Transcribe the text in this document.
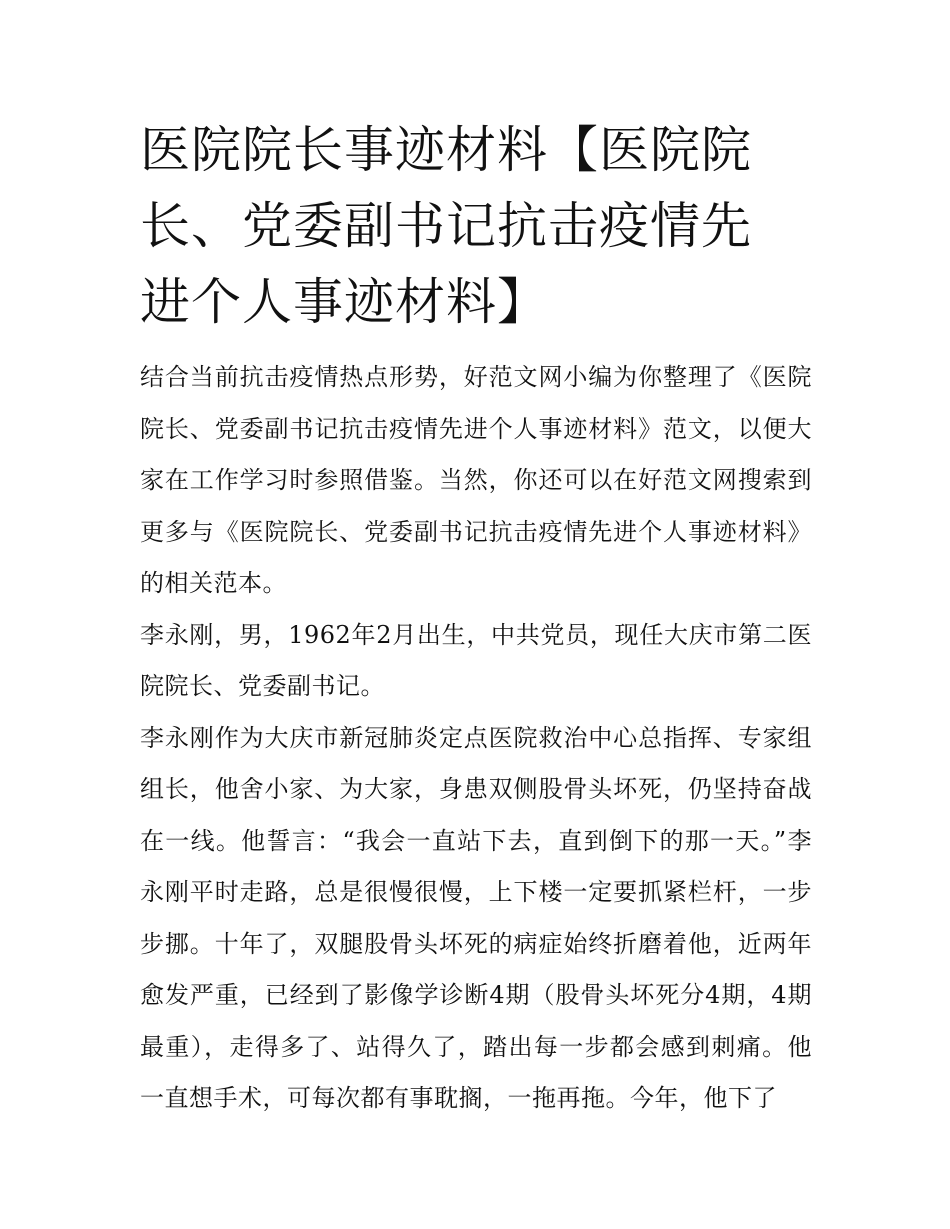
医院院长事迹材料【医院院长、党委副书记抗击疫情先进个人事迹材料】

结合当前抗击疫情热点形势，好范文网小编为你整理了《医院院长、党委副书记抗击疫情先进个人事迹材料》范文，以便大家在工作学习时参照借鉴。当然，你还可以在好范文网搜索到更多与《医院院长、党委副书记抗击疫情先进个人事迹材料》的相关范本。

李永刚，男，1962年2月出生，中共党员，现任大庆市第二医院院长、党委副书记。

李永刚作为大庆市新冠肺炎定点医院救治中心总指挥、专家组组长，他舍小家、为大家，身患双侧股骨头坏死，仍坚持奋战在一线。他誓言：“我会一直站下去，直到倒下的那一天。”李永刚平时走路，总是很慢很慢，上下楼一定要抓紧栏杆，一步步挪。十年了，双腿股骨头坏死的病症始终折磨着他，近两年愈发严重，已经到了影像学诊断4期（股骨头坏死分4期，4期最重），走得多了、站得久了，踏出每一步都会感到刺痛。他一直想手术，可每次都有事耽搁，一拖再拖。今年，他下了
